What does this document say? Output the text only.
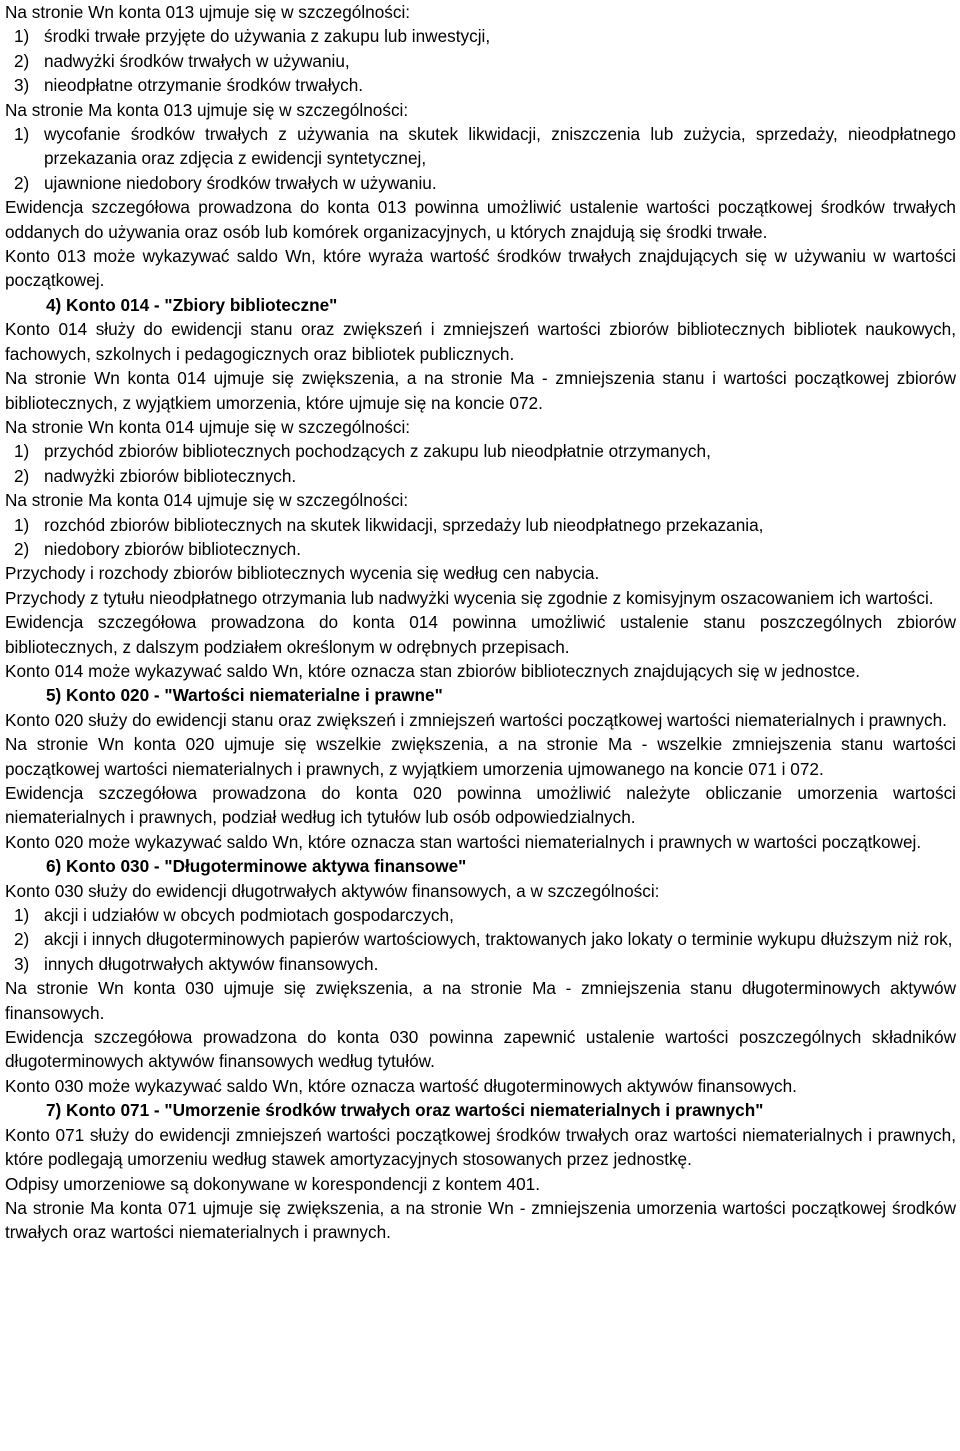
Na stronie Wn konta 013 ujmuje się w szczególności:
1) środki trwałe przyjęte do używania z zakupu lub inwestycji,
2) nadwyżki środków trwałych w używaniu,
3) nieodpłatne otrzymanie środków trwałych.
Na stronie Ma konta 013 ujmuje się w szczególności:
1) wycofanie środków trwałych z używania na skutek likwidacji, zniszczenia lub zużycia, sprzedaży, nieodpłatnego przekazania oraz zdjęcia z ewidencji syntetycznej,
2) ujawnione niedobory środków trwałych w używaniu.
Ewidencja szczegółowa prowadzona do konta 013 powinna umożliwić ustalenie wartości początkowej środków trwałych oddanych do używania oraz osób lub komórek organizacyjnych, u których znajdują się środki trwałe.
Konto 013 może wykazywać saldo Wn, które wyraża wartość środków trwałych znajdujących się w używaniu w wartości początkowej.
4) Konto 014 - "Zbiory biblioteczne"
Konto 014 służy do ewidencji stanu oraz zwiększeń i zmniejszeń wartości zbiorów bibliotecznych bibliotek naukowych, fachowych, szkolnych i pedagogicznych oraz bibliotek publicznych.
Na stronie Wn konta 014 ujmuje się zwiększenia, a na stronie Ma - zmniejszenia stanu i wartości początkowej zbiorów bibliotecznych, z wyjątkiem umorzenia, które ujmuje się na koncie 072.
Na stronie Wn konta 014 ujmuje się w szczególności:
1) przychód zbiorów bibliotecznych pochodzących z zakupu lub nieodpłatnie otrzymanych,
2) nadwyżki zbiorów bibliotecznych.
Na stronie Ma konta 014 ujmuje się w szczególności:
1) rozchód zbiorów bibliotecznych na skutek likwidacji, sprzedaży lub nieodpłatnego przekazania,
2) niedobory zbiorów bibliotecznych.
Przychody i rozchody zbiorów bibliotecznych wycenia się według cen nabycia.
Przychody z tytułu nieodpłatnego otrzymania lub nadwyżki wycenia się zgodnie z komisyjnym oszacowaniem ich wartości.
Ewidencja szczegółowa prowadzona do konta 014 powinna umożliwić ustalenie stanu poszczególnych zbiorów bibliotecznych, z dalszym podziałem określonym w odrębnych przepisach.
Konto 014 może wykazywać saldo Wn, które oznacza stan zbiorów bibliotecznych znajdujących się w jednostce.
5) Konto 020 - "Wartości niematerialne i prawne"
Konto 020 służy do ewidencji stanu oraz zwiększeń i zmniejszeń wartości początkowej wartości niematerialnych i prawnych.
Na stronie Wn konta 020 ujmuje się wszelkie zwiększenia, a na stronie Ma - wszelkie zmniejszenia stanu wartości początkowej wartości niematerialnych i prawnych, z wyjątkiem umorzenia ujmowanego na koncie 071 i 072.
Ewidencja szczegółowa prowadzona do konta 020 powinna umożliwić należyte obliczanie umorzenia wartości niematerialnych i prawnych, podział według ich tytułów lub osób odpowiedzialnych.
Konto 020 może wykazywać saldo Wn, które oznacza stan wartości niematerialnych i prawnych w wartości początkowej.
6) Konto 030 - "Długoterminowe aktywa finansowe"
Konto 030 służy do ewidencji długotrwałych aktywów finansowych, a w szczególności:
1) akcji i udziałów w obcych podmiotach gospodarczych,
2) akcji i innych długoterminowych papierów wartościowych, traktowanych jako lokaty o terminie wykupu dłuższym niż rok,
3) innych długotrwałych aktywów finansowych.
Na stronie Wn konta 030 ujmuje się zwiększenia, a na stronie Ma - zmniejszenia stanu długoterminowych aktywów finansowych.
Ewidencja szczegółowa prowadzona do konta 030 powinna zapewnić ustalenie wartości poszczególnych składników długoterminowych aktywów finansowych według tytułów.
Konto 030 może wykazywać saldo Wn, które oznacza wartość długoterminowych aktywów finansowych.
7) Konto 071 - "Umorzenie środków trwałych oraz wartości niematerialnych i prawnych"
Konto 071 służy do ewidencji zmniejszeń wartości początkowej środków trwałych oraz wartości niematerialnych i prawnych, które podlegają umorzeniu według stawek amortyzacyjnych stosowanych przez jednostkę.
Odpisy umorzeniowe są dokonywane w korespondencji z kontem 401.
Na stronie Ma konta 071 ujmuje się zwiększenia, a na stronie Wn - zmniejszenia umorzenia wartości początkowej środków trwałych oraz wartości niematerialnych i prawnych.
